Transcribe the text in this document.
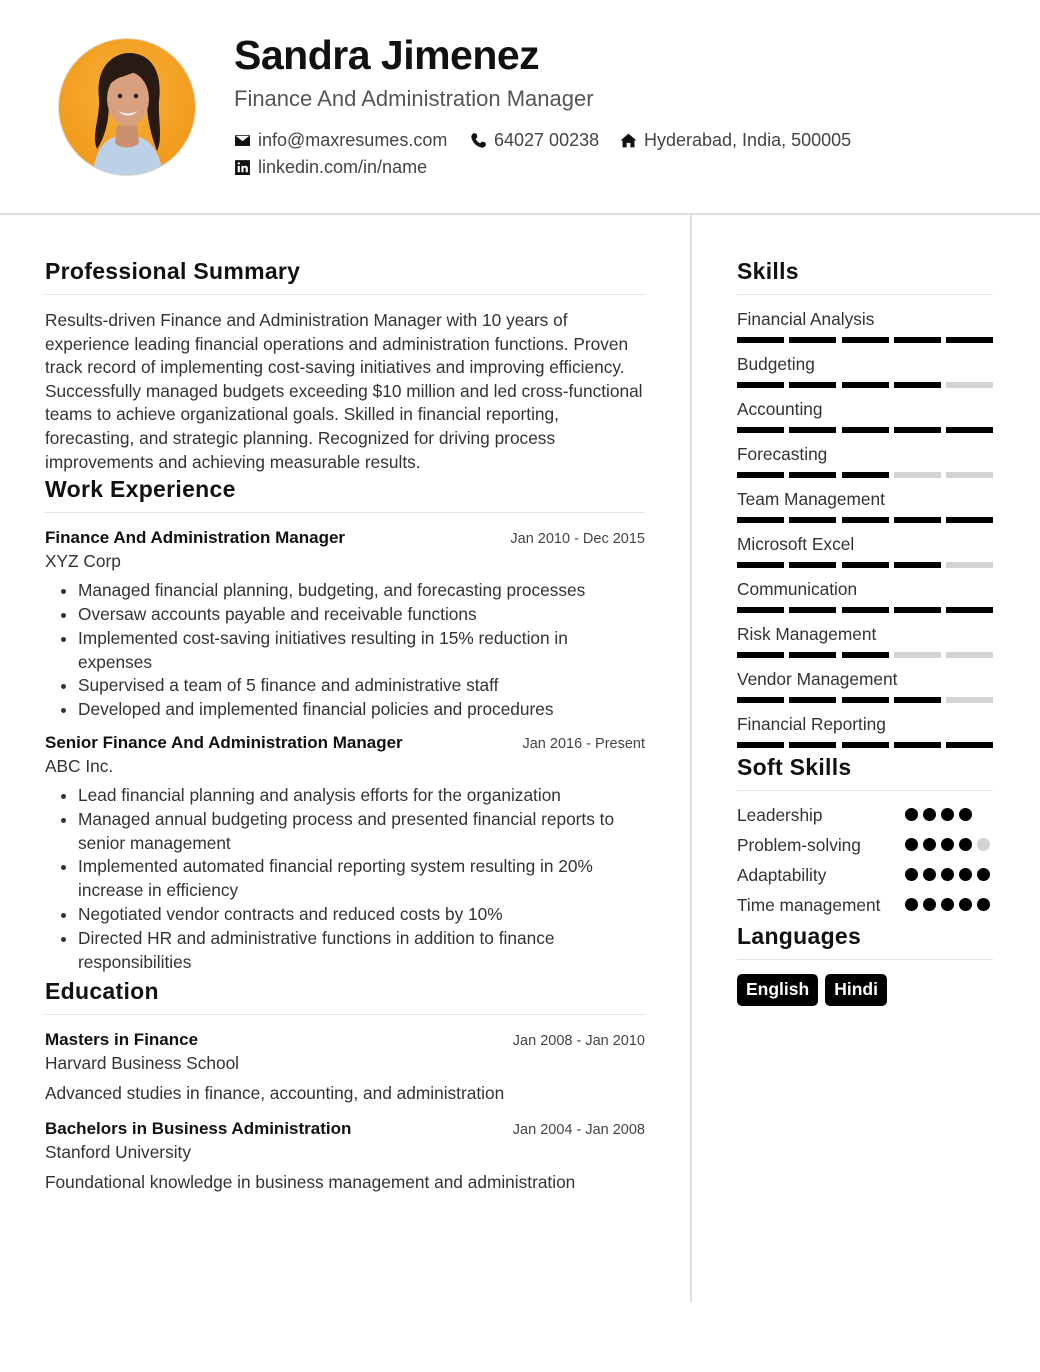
Sandra Jimenez
Finance And Administration Manager
info@maxresumes.com	64027 00238 Hyderabad, India, 500005
linkedin.com/in/name
Professional Summary
Results-driven Finance and Administration Manager with 10 years of experience leading financial operations and administration functions. Proven track record of implementing cost-saving initiatives and improving efficiency. Successfully managed budgets exceeding $10 million and led cross-functional teams to achieve organizational goals. Skilled in financial reporting, forecasting, and strategic planning. Recognized for driving process improvements and achieving measurable results.
Work Experience
Finance And Administration Manager	Jan 2010 - Dec 2015
XYZ Corp
• Managed financial planning, budgeting, and forecasting processes
• Oversaw accounts payable and receivable functions
• Implemented cost-saving initiatives resulting in 15% reduction in expenses
• Supervised a team of 5 finance and administrative staff
• Developed and implemented financial policies and procedures
Senior Finance And Administration Manager	Jan 2016 - Present
ABC Inc.
• Lead financial planning and analysis efforts for the organization
• Managed annual budgeting process and presented financial reports to senior management
• Implemented automated financial reporting system resulting in 20% increase in efficiency
• Negotiated vendor contracts and reduced costs by 10%
• Directed HR and administrative functions in addition to finance responsibilities
Education
Masters in Finance	Jan 2008 - Jan 2010
Harvard Business School
Advanced studies in finance, accounting, and administration
Bachelors in Business Administration	Jan 2004 - Jan 2008
Stanford University
Foundational knowledge in business management and administration
Skills
Financial Analysis
Budgeting
Accounting
Forecasting
Team Management
Microsoft Excel
Communication
Risk Management
Vendor Management
Financial Reporting
Soft Skills
Leadership
Problem-solving
Adaptability
Time management
Languages
English	Hindi
